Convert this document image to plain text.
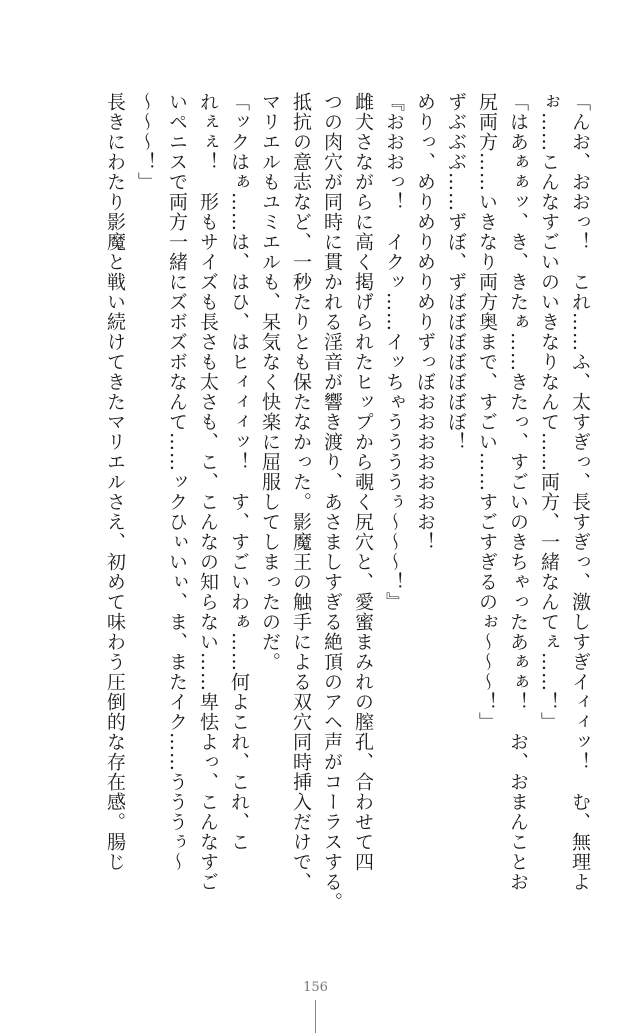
「んお、おおっ！　これ……ふ、太すぎっ、長すぎっ、激しすぎイィィッ！　む、無理よ

ぉ……こんなすごいのいきなりなんて……両方、一緒なんてぇ……！」

「はあぁぁッ、き、きたぁ……きたっ、すごいのきちゃったあぁぁ！　お、おまんことお

尻両方……いきなり両方奥まで、すごい……すごすぎるのぉ～～～！」

ずぶぶぶ……ずぼ、ずぼぼぼぼぼぼぼ！

めりっ、めりめりめりめりずっぼおおおおおおお！

『おおおっ！　イクッ……イッちゃううううぅ～～～！』

雌犬さながらに高く掲げられたヒップから覗く尻穴と、愛蜜まみれの膣孔、合わせて四

つの肉穴が同時に貫かれる淫音が響き渡り、あさましすぎる絶頂のアヘ声がコーラスする。

抵抗の意志など、一秒たりとも保たなかった。影魔王の触手による双穴同時挿入だけで、

マリエルもユミエルも、呆気なく快楽に屈服してしまったのだ。

「ックはぁ……は、はひ、はヒィィィッ！　す、すごいわぁ……何よこれ、これ、こ

れぇぇ！　形もサイズも長さも太さも、こ、こんなの知らない……卑怯よっ、こんなすご

いペニスで両方一緒にズボズボなんて……ックひぃいぃ、ま、またイク……うううぅ～

～～～！」

長きにわたり影魔と戦い続けてきたマリエルさえ、初めて味わう圧倒的な存在感。腸じ

156
